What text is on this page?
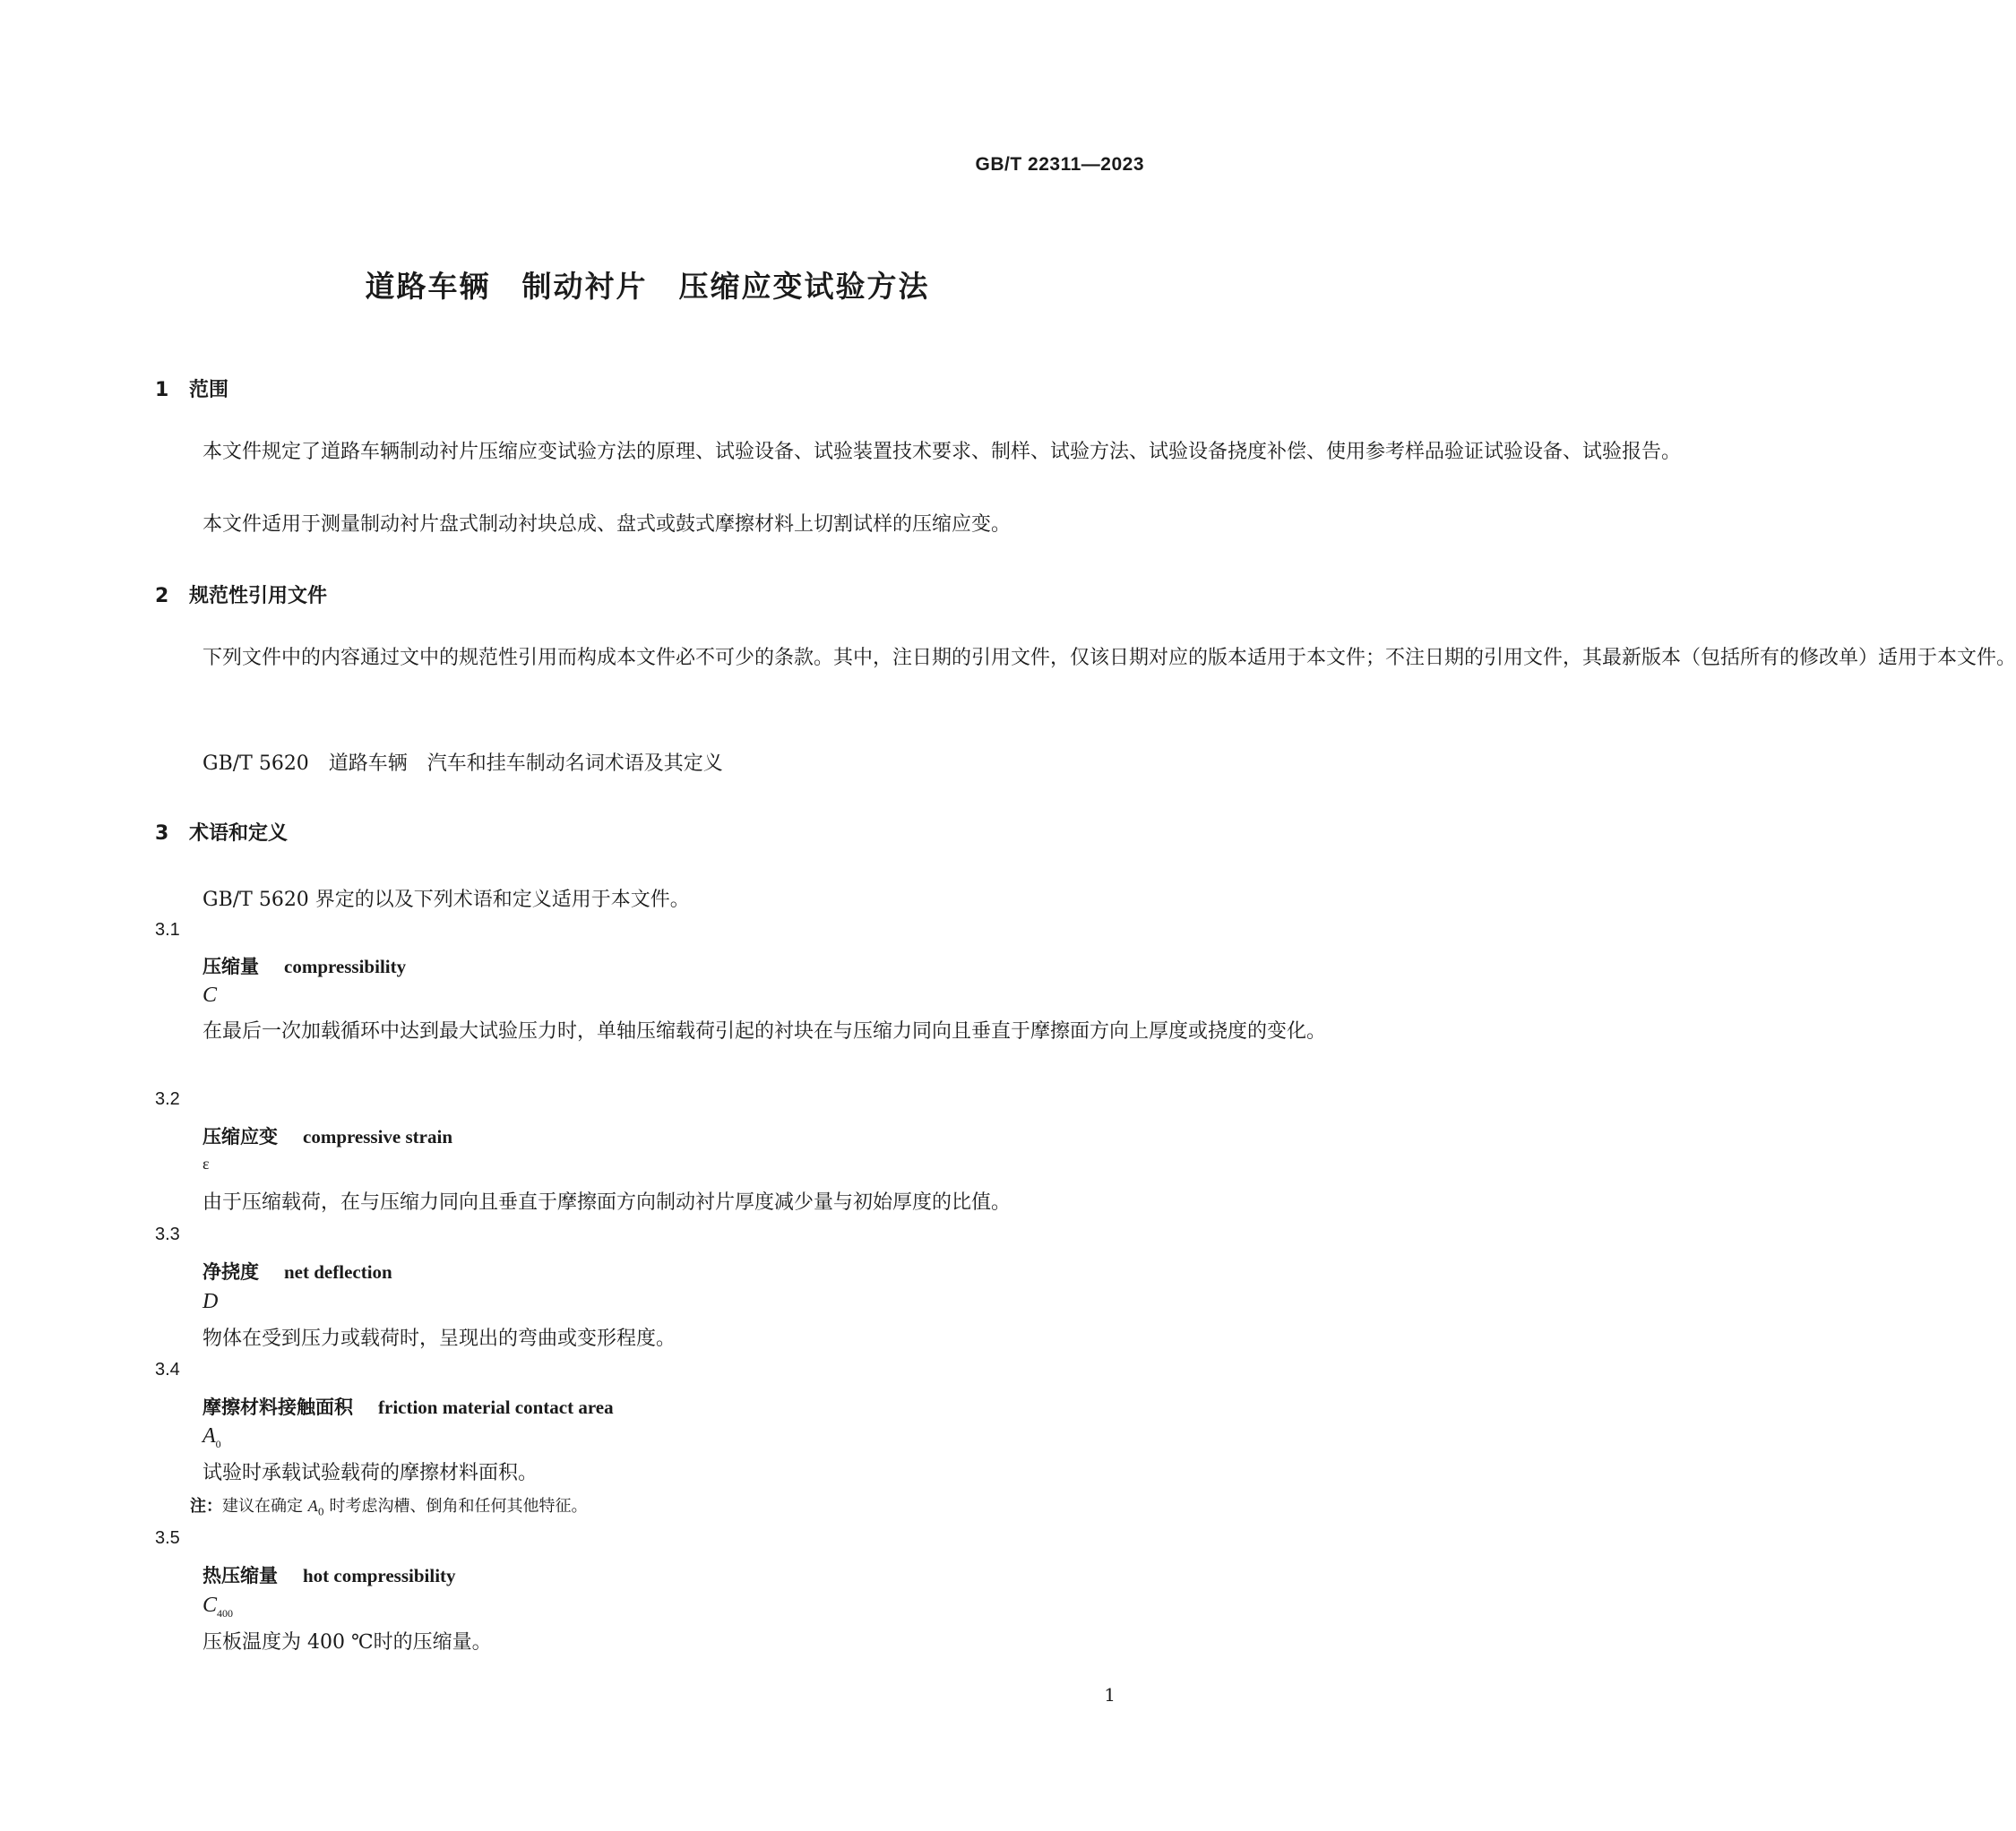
GB/T 22311—2023
道路车辆　制动衬片　压缩应变试验方法
1 范围
本文件规定了道路车辆制动衬片压缩应变试验方法的原理、试验设备、试验装置技术要求、制样、试验方法、试验设备挠度补偿、使用参考样品验证试验设备、试验报告。
本文件适用于测量制动衬片盘式制动衬块总成、盘式或鼓式摩擦材料上切割试样的压缩应变。
2 规范性引用文件
下列文件中的内容通过文中的规范性引用而构成本文件必不可少的条款。其中，注日期的引用文件，仅该日期对应的版本适用于本文件；不注日期的引用文件，其最新版本（包括所有的修改单）适用于本文件。
GB/T 5620　道路车辆　汽车和挂车制动名词术语及其定义
3 术语和定义
GB/T 5620 界定的以及下列术语和定义适用于本文件。
3.1
压缩量 compressibility
C
在最后一次加载循环中达到最大试验压力时，单轴压缩载荷引起的衬块在与压缩力同向且垂直于摩擦面方向上厚度或挠度的变化。
3.2
压缩应变 compressive strain
ε
由于压缩载荷，在与压缩力同向且垂直于摩擦面方向制动衬片厚度减少量与初始厚度的比值。
3.3
净挠度 net deflection
D
物体在受到压力或载荷时，呈现出的弯曲或变形程度。
3.4
摩擦材料接触面积 friction material contact area
$A_0$
试验时承载试验载荷的摩擦材料面积。
注：建议在确定 $A_0$ 时考虑沟槽、倒角和任何其他特征。
3.5
热压缩量 hot compressibility
$C_{400}$
压板温度为 400 ℃时的压缩量。
1
